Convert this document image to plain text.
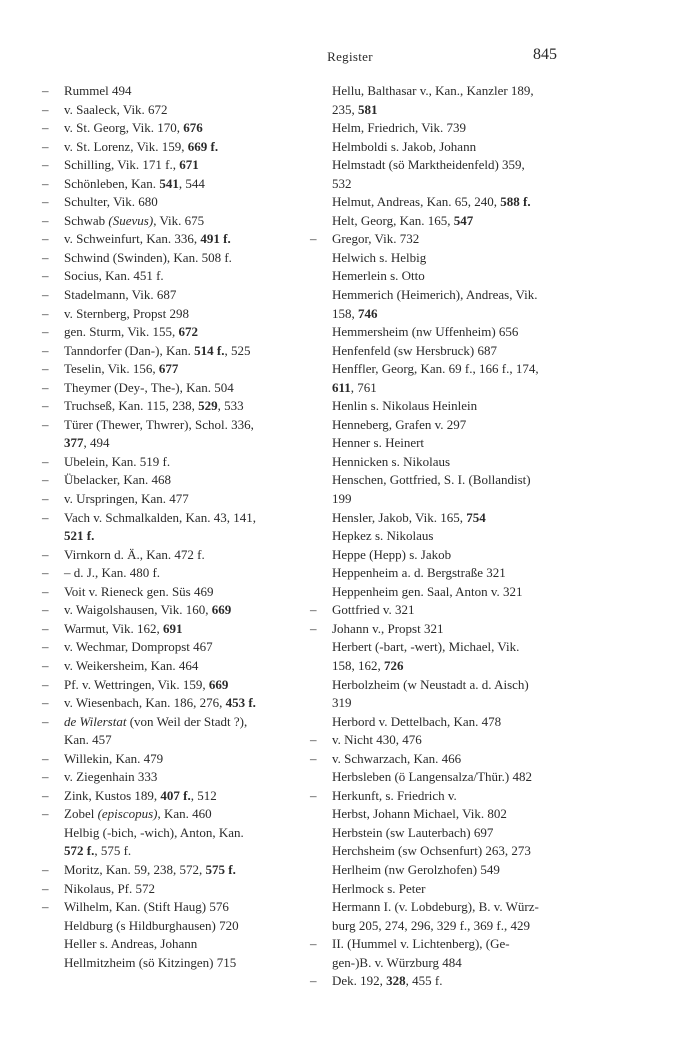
Register	845
– Rummel 494
– v. Saaleck, Vik. 672
– v. St. Georg, Vik. 170, 676
– v. St. Lorenz, Vik. 159, 669 f.
– Schilling, Vik. 171 f., 671
– Schönleben, Kan. 541, 544
– Schulter, Vik. 680
– Schwab (Suevus), Vik. 675
– v. Schweinfurt, Kan. 336, 491 f.
– Schwind (Swinden), Kan. 508 f.
– Socius, Kan. 451 f.
– Stadelmann, Vik. 687
– v. Sternberg, Propst 298
– gen. Sturm, Vik. 155, 672
– Tanndorfer (Dan-), Kan. 514 f., 525
– Teselin, Vik. 156, 677
– Theymer (Dey-, The-), Kan. 504
– Truchseß, Kan. 115, 238, 529, 533
– Türer (Thewer, Thwrer), Schol. 336,
377, 494
– Ubelein, Kan. 519 f.
– Übelacker, Kan. 468
– v. Urspringen, Kan. 477
– Vach v. Schmalkalden, Kan. 43, 141,
521 f.
– Virnkorn d. Ä., Kan. 472 f.
– – d. J., Kan. 480 f.
– Voit v. Rieneck gen. Süs 469
– v. Waigolshausen, Vik. 160, 669
– Warmut, Vik. 162, 691
– v. Wechmar, Dompropst 467
– v. Weikersheim, Kan. 464
– Pf. v. Wettringen, Vik. 159, 669
– v. Wiesenbach, Kan. 186, 276, 453 f.
– de Wilerstat (von Weil der Stadt ?),
Kan. 457
– Willekin, Kan. 479
– v. Ziegenhain 333
– Zink, Kustos 189, 407 f., 512
– Zobel (episcopus), Kan. 460
Helbig (-bich, -wich), Anton, Kan.
572 f., 575 f.
– Moritz, Kan. 59, 238, 572, 575 f.
– Nikolaus, Pf. 572
– Wilhelm, Kan. (Stift Haug) 576
Heldburg (s Hildburghausen) 720
Heller s. Andreas, Johann
Hellmitzheim (sö Kitzingen) 715
Hellu, Balthasar v., Kan., Kanzler 189,
235, 581
Helm, Friedrich, Vik. 739
Helmboldi s. Jakob, Johann
Helmstadt (sö Marktheidenfeld) 359,
532
Helmut, Andreas, Kan. 65, 240, 588 f.
Helt, Georg, Kan. 165, 547
– Gregor, Vik. 732
Helwich s. Helbig
Hemerlein s. Otto
Hemmerich (Heimerich), Andreas, Vik.
158, 746
Hemmersheim (nw Uffenheim) 656
Henfenfeld (sw Hersbruck) 687
Henffler, Georg, Kan. 69 f., 166 f., 174,
611, 761
Henlin s. Nikolaus Heinlein
Henneberg, Grafen v. 297
Henner s. Heinert
Hennicken s. Nikolaus
Henschen, Gottfried, S. I. (Bollandist)
199
Hensler, Jakob, Vik. 165, 754
Hepkez s. Nikolaus
Heppe (Hepp) s. Jakob
Heppenheim a. d. Bergstraße 321
Heppenheim gen. Saal, Anton v. 321
– Gottfried v. 321
– Johann v., Propst 321
Herbert (-bart, -wert), Michael, Vik.
158, 162, 726
Herbolzheim (w Neustadt a. d. Aisch)
319
Herbord v. Dettelbach, Kan. 478
– v. Nicht 430, 476
– v. Schwarzach, Kan. 466
Herbsleben (ö Langensalza/Thür.) 482
– Herkunft, s. Friedrich v.
Herbst, Johann Michael, Vik. 802
Herbstein (sw Lauterbach) 697
Herchsheim (sw Ochsenfurt) 263, 273
Herlheim (nw Gerolzhofen) 549
Herlmock s. Peter
Hermann I. (v. Lobdeburg), B. v. Würz-
burg 205, 274, 296, 329 f., 369 f., 429
– II. (Hummel v. Lichtenberg), (Ge-
gen-)B. v. Würzburg 484
– Dek. 192, 328, 455 f.
